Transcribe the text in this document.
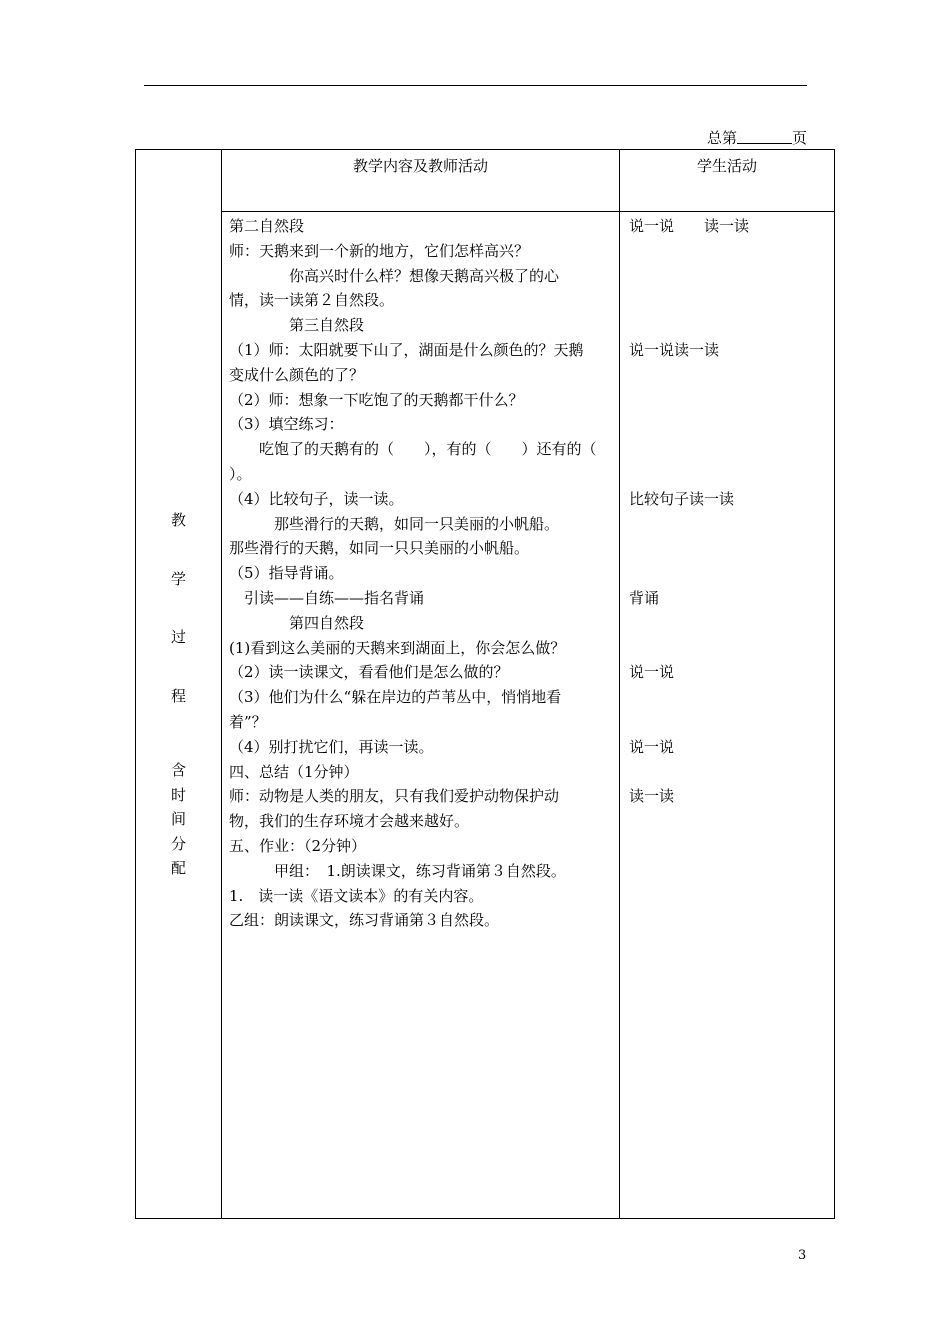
总第	页
教学内容及教师活动	学生活动
教
学
过
程
含
时
间
分
配
第二自然段
师：天鹅来到一个新的地方，它们怎样高兴？
　　　　你高兴时什么样？想像天鹅高兴极了的心
情，读一读第２自然段。
　　　　第三自然段
（1）师：太阳就要下山了，湖面是什么颜色的？天鹅
变成什么颜色的了？
（2）师：想象一下吃饱了的天鹅都干什么？
（3）填空练习：
　　吃饱了的天鹅有的（　　），有的（　　）还有的（
）。
（4）比较句子，读一读。
　　　那些滑行的天鹅，如同一只美丽的小帆船。
那些滑行的天鹅，如同一只只美丽的小帆船。
（5）指导背诵。
　引读——自练——指名背诵
　　　　第四自然段
(1)看到这么美丽的天鹅来到湖面上，你会怎么做？
（2）读一读课文，看看他们是怎么做的？
（3）他们为什么“躲在岸边的芦苇丛中，悄悄地看
着”？
（4）别打扰它们，再读一读。
四、总结（1分钟）
师：动物是人类的朋友，只有我们爱护动物保护动
物，我们的生存环境才会越来越好。
五、作业：（2分钟）
　　　甲组：　1.朗读课文，练习背诵第３自然段。
1.　读一读《语文读本》的有关内容。
乙组：朗读课文，练习背诵第３自然段。
说一说　　读一读
说一说读一读
比较句子读一读
背诵
说一说
说一说
读一读
3
